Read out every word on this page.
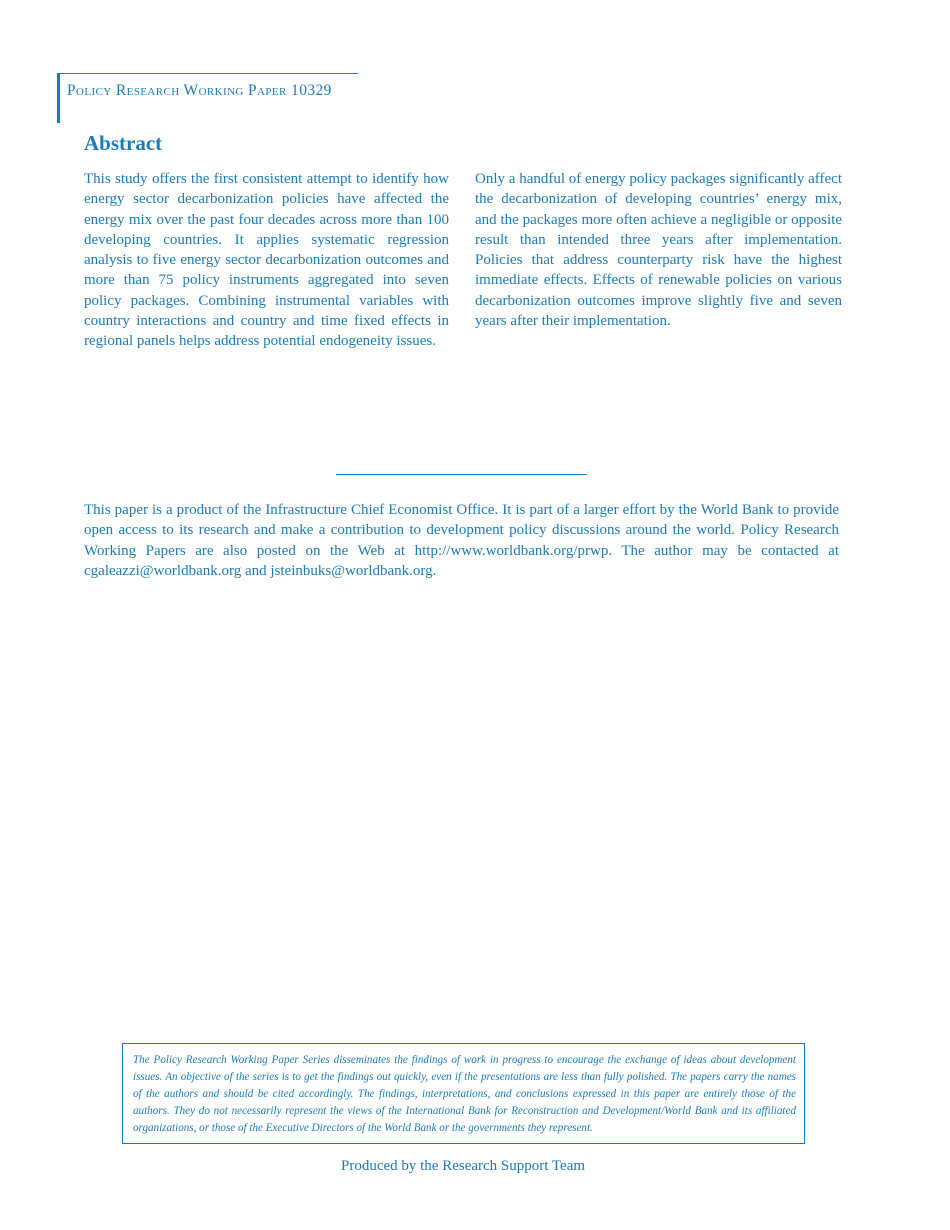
Policy Research Working Paper 10329
Abstract

This study offers the first consistent attempt to identify how energy sector decarbonization policies have affected the energy mix over the past four decades across more than 100 developing countries. It applies systematic regression analysis to five energy sector decarbonization outcomes and more than 75 policy instruments aggregated into seven policy packages. Combining instrumental variables with country interactions and country and time fixed effects in regional panels helps address potential endogeneity issues.

Only a handful of energy policy packages significantly affect the decarbonization of developing countries’ energy mix, and the packages more often achieve a negligible or opposite result than intended three years after implementation. Policies that address counterparty risk have the highest immediate effects. Effects of renewable policies on various decarbonization outcomes improve slightly five and seven years after their implementation.

This paper is a product of the Infrastructure Chief Economist Office. It is part of a larger effort by the World Bank to provide open access to its research and make a contribution to development policy discussions around the world. Policy Research Working Papers are also posted on the Web at http://www.worldbank.org/prwp. The author may be contacted at cgaleazzi@worldbank.org and jsteinbuks@worldbank.org.

The Policy Research Working Paper Series disseminates the findings of work in progress to encourage the exchange of ideas about development issues. An objective of the series is to get the findings out quickly, even if the presentations are less than fully polished. The papers carry the names of the authors and should be cited accordingly. The findings, interpretations, and conclusions expressed in this paper are entirely those of the authors. They do not necessarily represent the views of the International Bank for Reconstruction and Development/World Bank and its affiliated organizations, or those of the Executive Directors of the World Bank or the governments they represent.

Produced by the Research Support Team
